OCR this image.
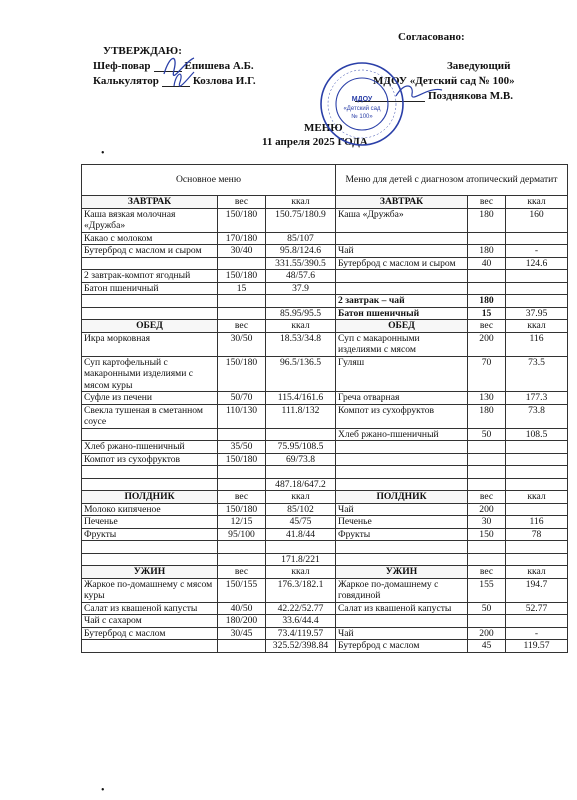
Согласовано:
УТВЕРЖДАЮ:
Шеф-повар	Епишева А.Б.	Заведующий
Калькулятор	Козлова И.Г.	МДОУ «Детский сад № 100»
Позднякова М.В.
МЕНЮ
11 апреля 2025 ГОДА
МДОУ
«Детский сад
№ 100»
Основное меню			Меню для детей с диагнозом атопический дерматит		
ЗАВТРАК	вес	ккал	ЗАВТРАК	вес	ккал
Каша вязкая молочная «Дружба»	150/180	150.75/180.9	Каша «Дружба»	180	160
Какао с молоком	170/180	85/107			
Бутерброд с маслом и сыром	30/40	95.8/124.6	Чай	180	-
		331.55/390.5	Бутерброд с маслом и сыром	40	124.6
2 завтрак-компот ягодный	150/180	48/57.6			
Батон пшеничный	15	37.9			
			2 завтрак – чай	180	
		85.95/95.5	Батон пшеничный	15	37.95
ОБЕД	вес	ккал	ОБЕД	вес	ккал
Икра морковная	30/50	18.53/34.8	Суп с макаронными изделиями с мясом	200	116
Суп картофельный с макаронными изделиями с мясом куры	150/180	96.5/136.5	Гуляш	70	73.5
Суфле из печени	50/70	115.4/161.6	Греча отварная	130	177.3
Свекла тушеная в сметанном соусе	110/130	111.8/132	Компот из сухофруктов	180	73.8
			Хлеб ржано-пшеничный	50	108.5
Хлеб ржано-пшеничный	35/50	75.95/108.5			
Компот из сухофруктов	150/180	69/73.8			

		487.18/647.2			
ПОЛДНИК	вес	ккал	ПОЛДНИК	вес	ккал
Молоко кипяченое	150/180	85/102	Чай	200	
Печенье	12/15	45/75	Печенье	30	116
Фрукты	95/100	41.8/44	Фрукты	150	78

		171.8/221			
УЖИН	вес	ккал	УЖИН	вес	ккал
Жаркое по-домашнему с мясом куры	150/155	176.3/182.1	Жаркое по-домашнему с говядиной	155	194.7
Салат из квашеной капусты	40/50	42.22/52.77	Салат из квашеной капусты	50	52.77
Чай с сахаром	180/200	33.6/44.4			
Бутерброд с маслом	30/45	73.4/119.57	Чай	200	-
		325.52/398.84	Бутерброд с маслом	45	119.57
•
•
